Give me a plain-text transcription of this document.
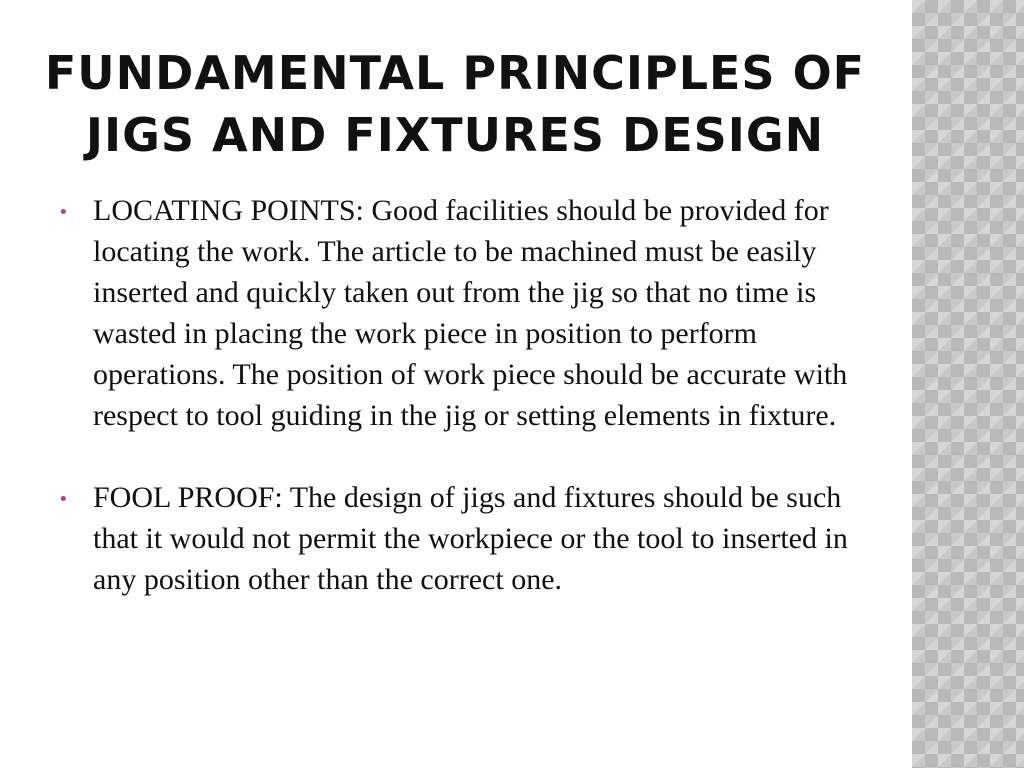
FUNDAMENTAL PRINCIPLES OF JIGS AND FIXTURES DESIGN
• LOCATING POINTS: Good facilities should be provided for locating the work. The article to be machined must be easily inserted and quickly taken out from the jig so that no time is wasted in placing the work piece in position to perform operations. The position of work piece should be accurate with respect to tool guiding in the jig or setting elements in fixture.
• FOOL PROOF: The design of jigs and fixtures should be such that it would not permit the workpiece or the tool to inserted in any position other than the correct one.
